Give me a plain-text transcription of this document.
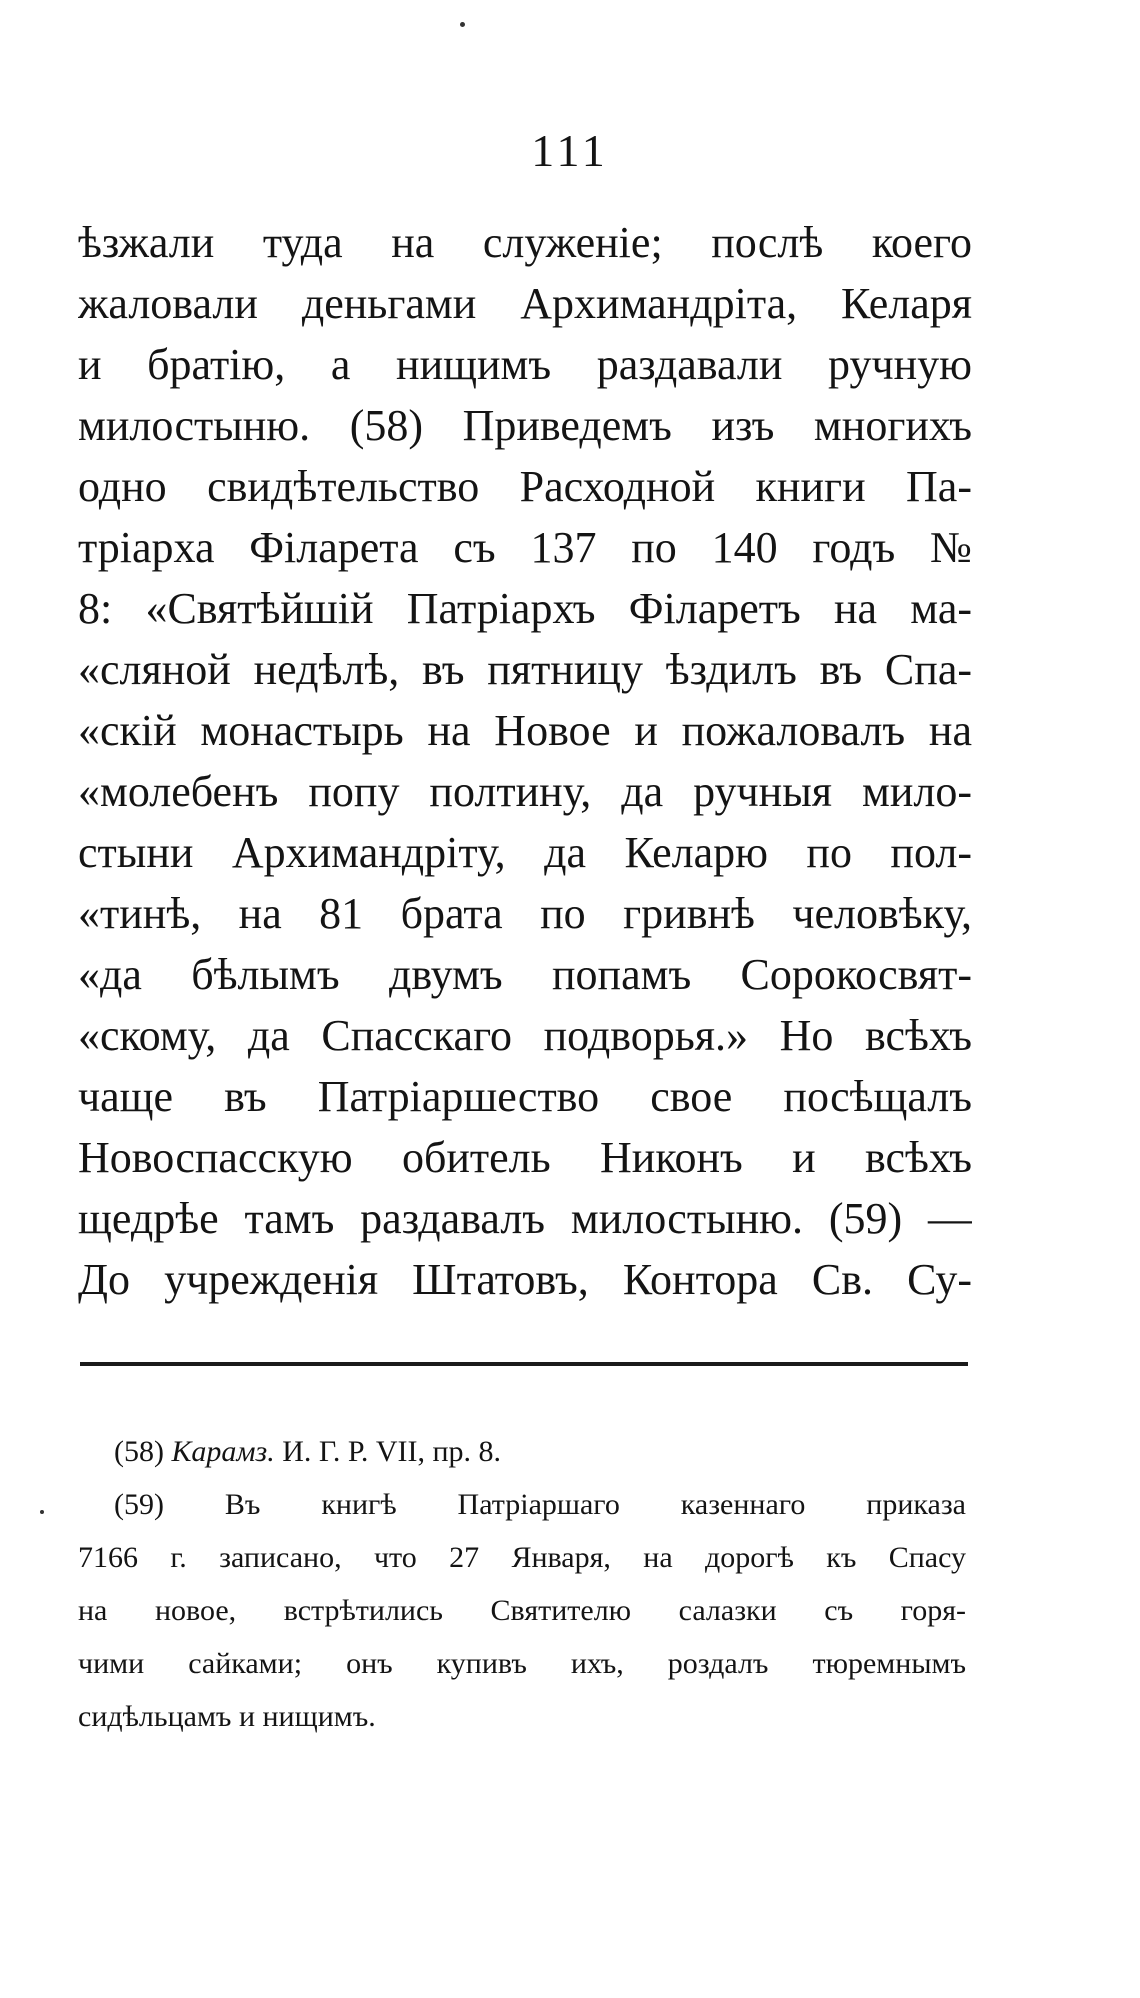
111
ѣзжали туда на служеніе; послѣ коего
жаловали деньгами Архимандріта, Келаря
и братію, а нищимъ раздавали ручную
милостыню. (58) Приведемъ изъ многихъ
одно свидѣтельство Расходной книги Па-
тріарха Філарета съ 137 по 140 годъ №
8: «Святѣйшій Патріархъ Філаретъ на ма-
«сляной недѣлѣ, въ пятницу ѣздилъ въ Спа-
«скій монастырь на Новое и пожаловалъ на
«молебенъ попу полтину, да ручныя мило-
стыни Архимандріту, да Келарю по пол-
«тинѣ, на 81 брата по гривнѣ человѣку,
«да бѣлымъ двумъ попамъ Сорокосвят-
«скому, да Спасскаго подворья.» Но всѣхъ
чаще въ Патріаршество свое посѣщалъ
Новоспасскую обитель Никонъ и всѣхъ
щедрѣе тамъ раздавалъ милостыню. (59) —
До учрежденія Штатовъ, Контора Св. Су-
(58) Карамз. И. Г. Р. VII, пр. 8.
(59) Въ книгѣ Патріаршаго казеннаго приказа
7166 г. записано, что 27 Января, на дорогѣ къ Спасу
на новое, встрѣтились Святителю салазки съ горя-
чими сайками; онъ купивъ ихъ, роздалъ тюремнымъ
сидѣльцамъ и нищимъ.
